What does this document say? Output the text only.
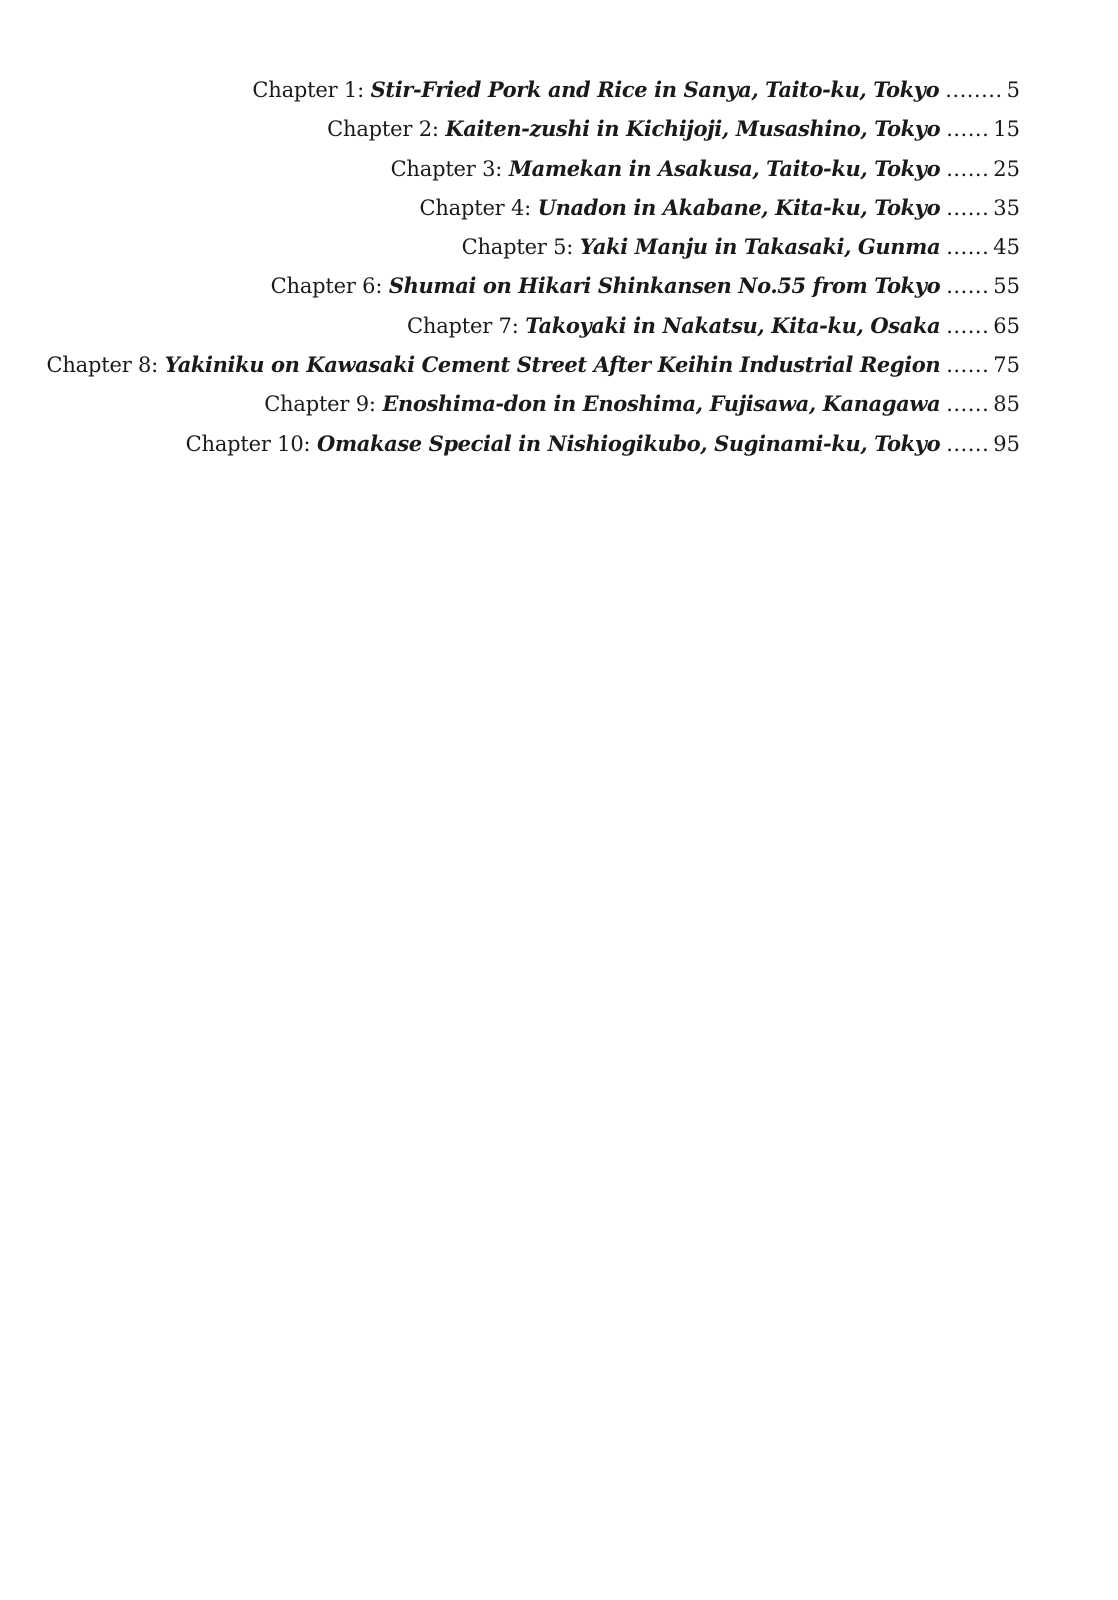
Chapter 1:
Stir-Fried Pork and Rice in Sanya, Taito-ku, Tokyo ........ 5
Chapter 2:
Kaiten-zushi in Kichijoji, Musashino, Tokyo ...... 15
Chapter 3:
Mamekan in Asakusa, Taito-ku, Tokyo ...... 25
Chapter 4:
Unadon in Akabane, Kita-ku, Tokyo ...... 35
Chapter 5:
Yaki Manju in Takasaki, Gunma ...... 45
Chapter 6:
Shumai on Hikari Shinkansen No.55 from Tokyo ...... 55
Chapter 7:
Takoyaki in Nakatsu, Kita-ku, Osaka ...... 65
Chapter 8:
Yakiniku on Kawasaki Cement Street After Keihin Industrial Region ...... 75
Chapter 9:
Enoshima-don in Enoshima, Fujisawa, Kanagawa ...... 85
Chapter 10:
Omakase Special in Nishiogikubo, Suginami-ku, Tokyo ...... 95
